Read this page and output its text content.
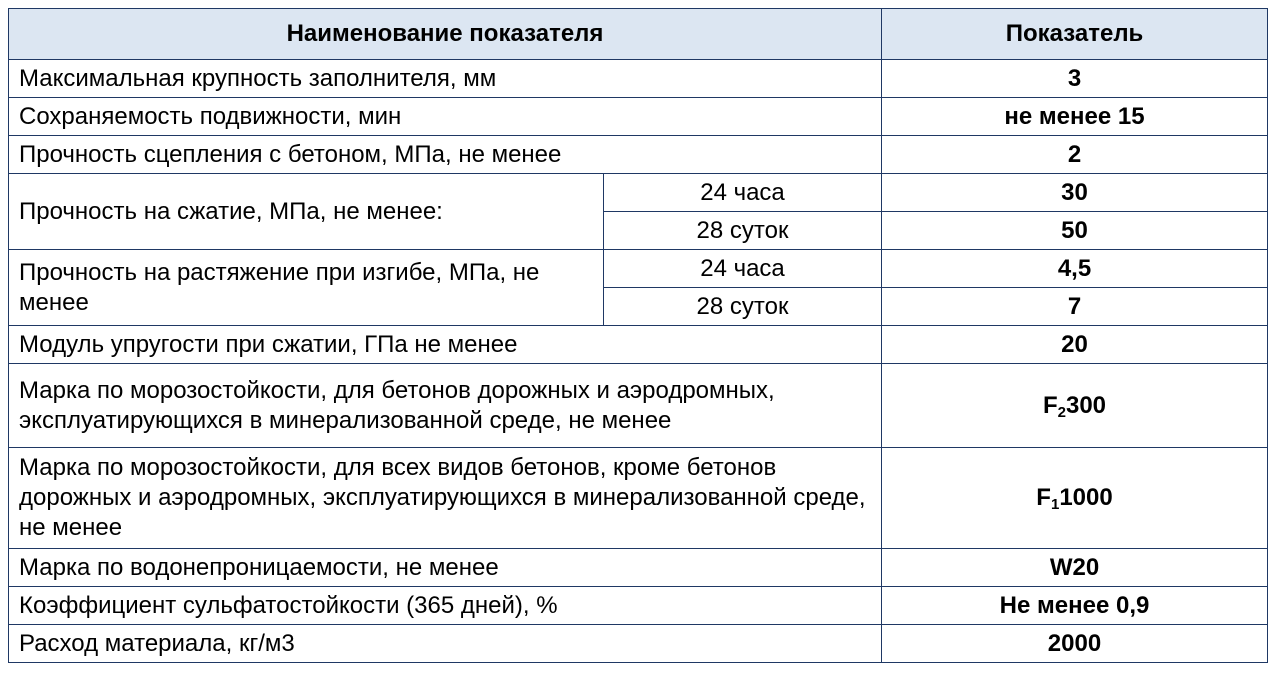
Наименование показателя		Показатель
Максимальная крупность заполнителя, мм		3
Сохраняемость подвижности, мин		не менее 15
Прочность сцепления с бетоном, МПа, не менее		2
Прочность на сжатие, МПа, не менее:	24 часа	30
	28 суток	50
Прочность на растяжение при изгибе, МПа, не менее	24 часа	4,5
	28 суток	7
Модуль упругости при сжатии, ГПа не менее		20
Марка по морозостойкости, для бетонов дорожных и аэродромных, эксплуатирующихся в минерализованной среде, не менее		$F_2300$
Марка по морозостойкости, для всех видов бетонов, кроме бетонов дорожных и аэродромных, эксплуатирующихся в минерализованной среде, не менее		$F_11000$
Марка по водонепроницаемости, не менее		W20
Коэффициент сульфатостойкости (365 дней), %		Не менее 0,9
Расход материала, кг/м3		2000
